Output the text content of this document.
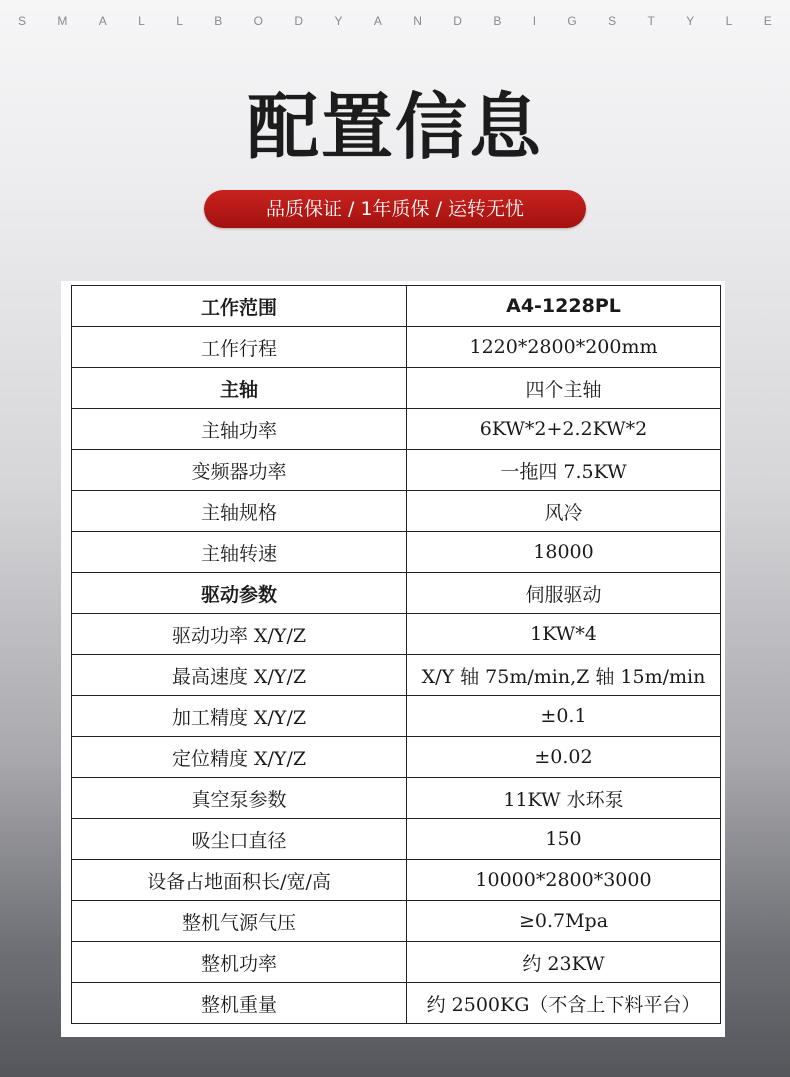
S	M	A	L	L	B	O	D	Y	A	N	D	B	I	G	S	T	Y	L	E
配置信息
品质保证 / 1年质保 / 运转无忧
工作范围	A4-1228PL
工作行程	1220*2800*200mm
主轴	四个主轴
主轴功率	6KW*2+2.2KW*2
变频器功率	一拖四 7.5KW
主轴规格	风冷
主轴转速	18000
驱动参数	伺服驱动
驱动功率 X/Y/Z	1KW*4
最高速度 X/Y/Z	X/Y 轴 75m/min,Z 轴 15m/min
加工精度 X/Y/Z	±0.1
定位精度 X/Y/Z	±0.02
真空泵参数	11KW 水环泵
吸尘口直径	150
设备占地面积长/宽/高	10000*2800*3000
整机气源气压	≥0.7Mpa
整机功率	约 23KW
整机重量	约 2500KG（不含上下料平台）
